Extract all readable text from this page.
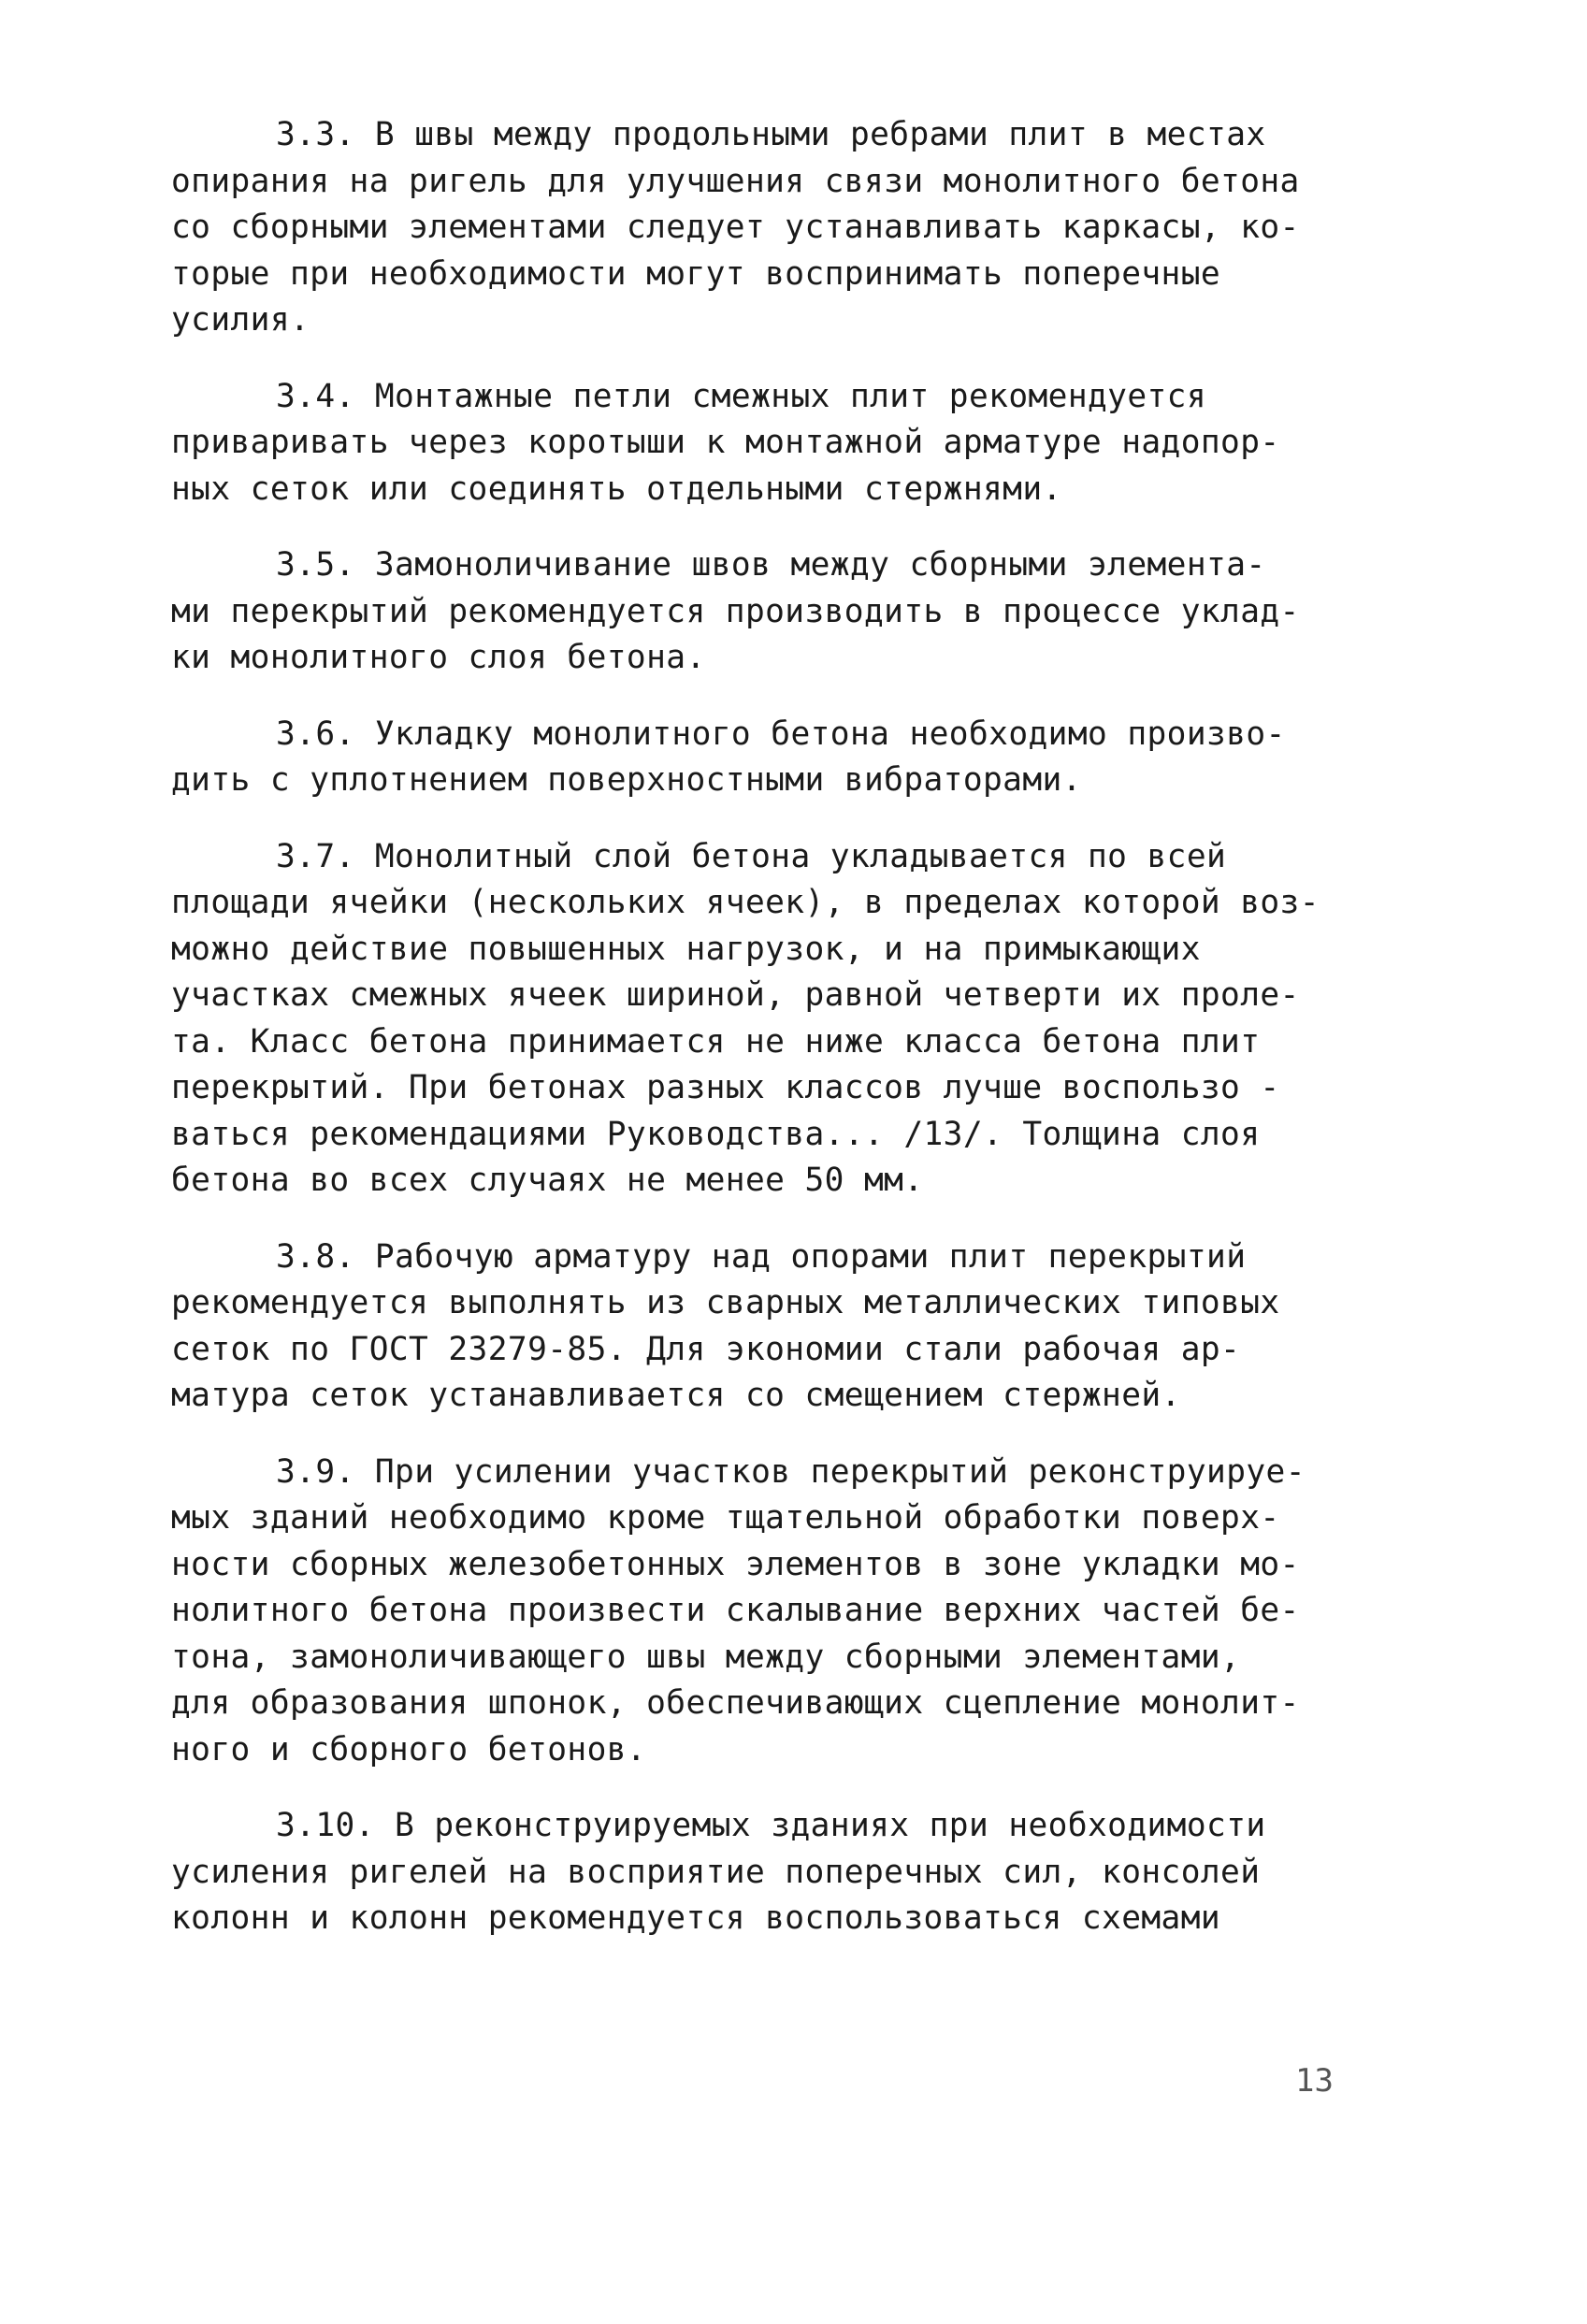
3.3. В швы между продольными ребрами плит в местах
опирания на ригель для улучшения связи монолитного бетона
со сборными элементами следует устанавливать каркасы, ко-
торые при необходимости могут воспринимать поперечные
усилия.
3.4. Монтажные петли смежных плит рекомендуется
приваривать через коротыши к монтажной арматуре надопор-
ных сеток или соединять отдельными стержнями.
3.5. Замоноличивание швов между сборными элемента-
ми перекрытий рекомендуется производить в процессе уклад-
ки монолитного слоя бетона.
3.6. Укладку монолитного бетона необходимо произво-
дить с уплотнением поверхностными вибраторами.
3.7. Монолитный слой бетона укладывается по всей
площади ячейки (нескольких ячеек), в пределах которой воз-
можно действие повышенных нагрузок, и на примыкающих
участках смежных ячеек шириной, равной четверти их проле-
та. Класс бетона принимается не ниже класса бетона плит
перекрытий. При бетонах разных классов лучше воспользо -
ваться рекомендациями Руководства... /13/. Толщина слоя
бетона во всех случаях не менее 50 мм.
3.8. Рабочую арматуру над опорами плит перекрытий
рекомендуется выполнять из сварных металлических типовых
сеток по ГОСТ 23279-85. Для экономии стали рабочая ар-
матура сеток устанавливается со смещением стержней.
3.9. При усилении участков перекрытий реконструируе-
мых зданий необходимо кроме тщательной обработки поверх-
ности сборных железобетонных элементов в зоне укладки мо-
нолитного бетона произвести скалывание верхних частей бе-
тона, замоноличивающего швы между сборными элементами,
для образования шпонок, обеспечивающих сцепление монолит-
ного и сборного бетонов.
3.10. В реконструируемых зданиях при необходимости
усиления ригелей на восприятие поперечных сил, консолей
колонн и колонн рекомендуется воспользоваться схемами
13
